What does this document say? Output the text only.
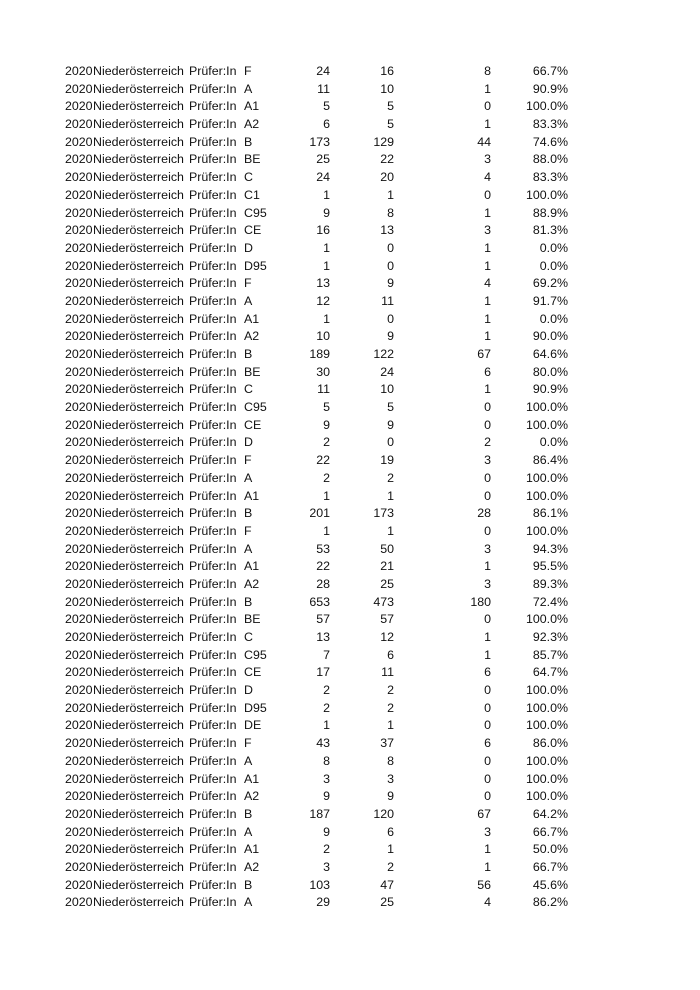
2020 Niederösterreich Prüfer:In F	24	16	8	66.7%
2020 Niederösterreich Prüfer:In A	11	10	1	90.9%
2020 Niederösterreich Prüfer:In A1	5	5	0	100.0%
2020 Niederösterreich Prüfer:In A2	6	5	1	83.3%
2020 Niederösterreich Prüfer:In B	173	129	44	74.6%
2020 Niederösterreich Prüfer:In BE	25	22	3	88.0%
2020 Niederösterreich Prüfer:In C	24	20	4	83.3%
2020 Niederösterreich Prüfer:In C1	1	1	0	100.0%
2020 Niederösterreich Prüfer:In C95	9	8	1	88.9%
2020 Niederösterreich Prüfer:In CE	16	13	3	81.3%
2020 Niederösterreich Prüfer:In D	1	0	1	0.0%
2020 Niederösterreich Prüfer:In D95	1	0	1	0.0%
2020 Niederösterreich Prüfer:In F	13	9	4	69.2%
2020 Niederösterreich Prüfer:In A	12	11	1	91.7%
2020 Niederösterreich Prüfer:In A1	1	0	1	0.0%
2020 Niederösterreich Prüfer:In A2	10	9	1	90.0%
2020 Niederösterreich Prüfer:In B	189	122	67	64.6%
2020 Niederösterreich Prüfer:In BE	30	24	6	80.0%
2020 Niederösterreich Prüfer:In C	11	10	1	90.9%
2020 Niederösterreich Prüfer:In C95	5	5	0	100.0%
2020 Niederösterreich Prüfer:In CE	9	9	0	100.0%
2020 Niederösterreich Prüfer:In D	2	0	2	0.0%
2020 Niederösterreich Prüfer:In F	22	19	3	86.4%
2020 Niederösterreich Prüfer:In A	2	2	0	100.0%
2020 Niederösterreich Prüfer:In A1	1	1	0	100.0%
2020 Niederösterreich Prüfer:In B	201	173	28	86.1%
2020 Niederösterreich Prüfer:In F	1	1	0	100.0%
2020 Niederösterreich Prüfer:In A	53	50	3	94.3%
2020 Niederösterreich Prüfer:In A1	22	21	1	95.5%
2020 Niederösterreich Prüfer:In A2	28	25	3	89.3%
2020 Niederösterreich Prüfer:In B	653	473	180	72.4%
2020 Niederösterreich Prüfer:In BE	57	57	0	100.0%
2020 Niederösterreich Prüfer:In C	13	12	1	92.3%
2020 Niederösterreich Prüfer:In C95	7	6	1	85.7%
2020 Niederösterreich Prüfer:In CE	17	11	6	64.7%
2020 Niederösterreich Prüfer:In D	2	2	0	100.0%
2020 Niederösterreich Prüfer:In D95	2	2	0	100.0%
2020 Niederösterreich Prüfer:In DE	1	1	0	100.0%
2020 Niederösterreich Prüfer:In F	43	37	6	86.0%
2020 Niederösterreich Prüfer:In A	8	8	0	100.0%
2020 Niederösterreich Prüfer:In A1	3	3	0	100.0%
2020 Niederösterreich Prüfer:In A2	9	9	0	100.0%
2020 Niederösterreich Prüfer:In B	187	120	67	64.2%
2020 Niederösterreich Prüfer:In A	9	6	3	66.7%
2020 Niederösterreich Prüfer:In A1	2	1	1	50.0%
2020 Niederösterreich Prüfer:In A2	3	2	1	66.7%
2020 Niederösterreich Prüfer:In B	103	47	56	45.6%
2020 Niederösterreich Prüfer:In A	29	25	4	86.2%
